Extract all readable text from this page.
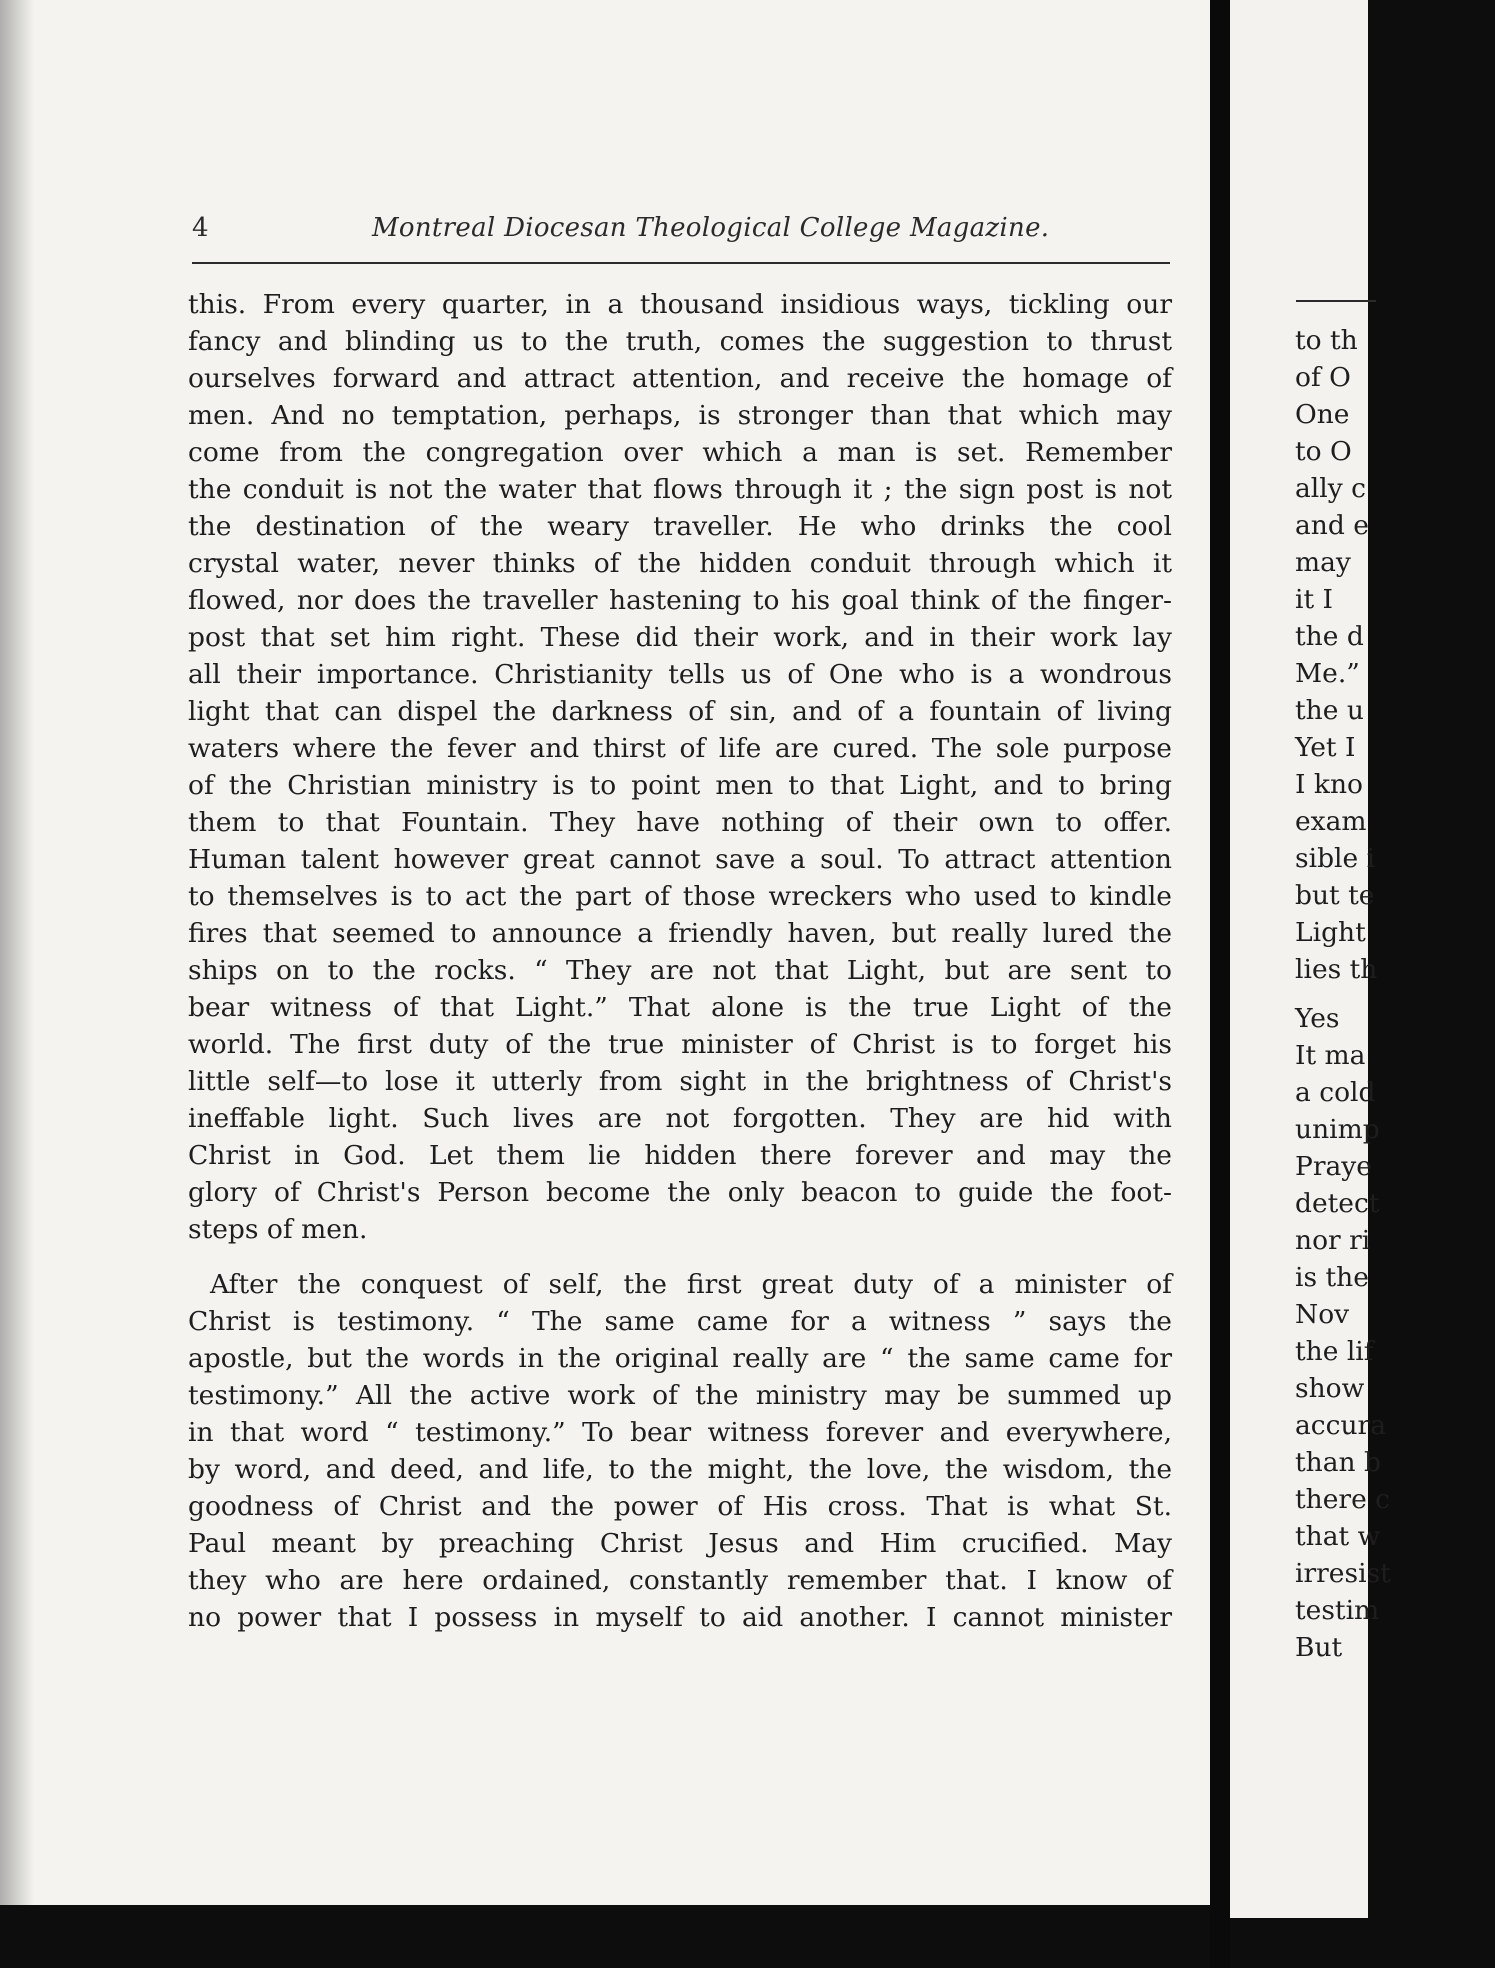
4	Montreal Diocesan Theological College Magazine.

this. From every quarter, in a thousand insidious ways, tickling our
fancy and blinding us to the truth, comes the suggestion to thrust
ourselves forward and attract attention, and receive the homage of
men. And no temptation, perhaps, is stronger than that which may
come from the congregation over which a man is set. Remember
the conduit is not the water that flows through it ; the sign post is not
the destination of the weary traveller. He who drinks the cool
crystal water, never thinks of the hidden conduit through which it
flowed, nor does the traveller hastening to his goal think of the finger-
post that set him right. These did their work, and in their work lay
all their importance. Christianity tells us of One who is a wondrous
light that can dispel the darkness of sin, and of a fountain of living
waters where the fever and thirst of life are cured. The sole purpose
of the Christian ministry is to point men to that Light, and to bring
them to that Fountain. They have nothing of their own to offer.
Human talent however great cannot save a soul. To attract attention
to themselves is to act the part of those wreckers who used to kindle
fires that seemed to announce a friendly haven, but really lured the
ships on to the rocks. “ They are not that Light, but are sent to
bear witness of that Light.” That alone is the true Light of the
world. The first duty of the true minister of Christ is to forget his
little self—to lose it utterly from sight in the brightness of Christ's
ineffable light. Such lives are not forgotten. They are hid with
Christ in God. Let them lie hidden there forever and may the
glory of Christ's Person become the only beacon to guide the foot-
steps of men.

After the conquest of self, the first great duty of a minister of
Christ is testimony. “ The same came for a witness ” says the
apostle, but the words in the original really are “ the same came for
testimony.” All the active work of the ministry may be summed up
in that word “ testimony.” To bear witness forever and everywhere,
by word, and deed, and life, to the might, the love, the wisdom, the
goodness of Christ and the power of His cross. That is what St.
Paul meant by preaching Christ Jesus and Him crucified. May
they who are here ordained, constantly remember that. I know of
no power that I possess in myself to aid another. I cannot minister

to th
of O
One
to O
ally c
and e
may
it I
the d
Me.”
the u
Yet I
I kno
exam
sible i
but te
Light
lies th
Yes
It ma
a cold
unimp
Praye
detect
nor ri
is the
Nov
the lif
show
accura
than b
there c
that w
irresist
testim
But
